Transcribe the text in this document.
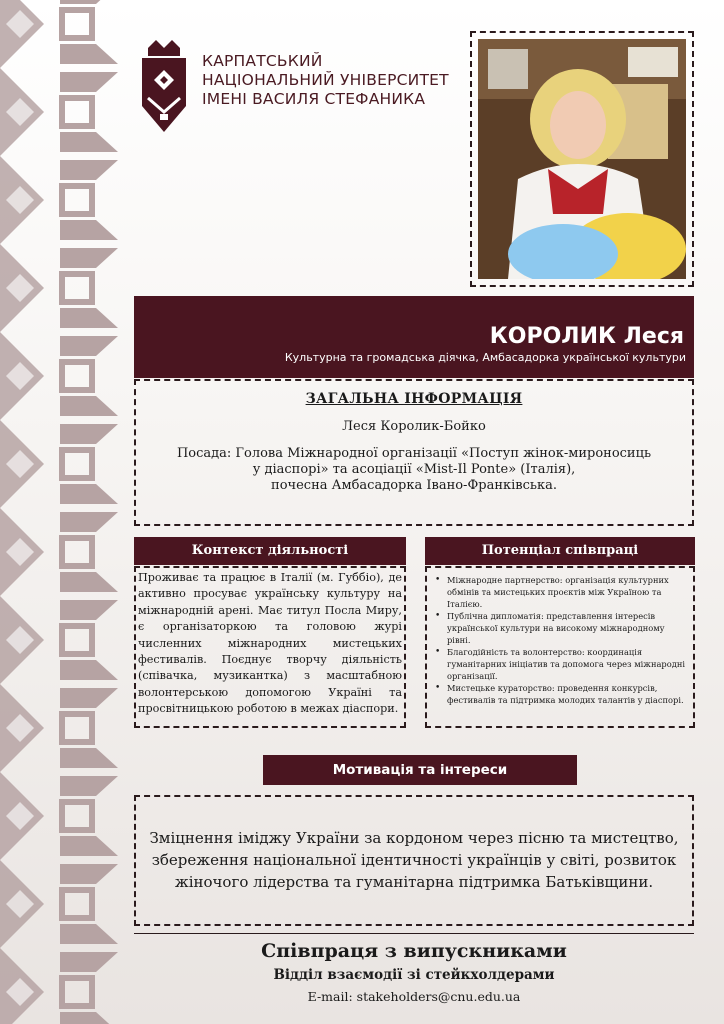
КАРПАТСЬКИЙ
НАЦІОНАЛЬНИЙ УНІВЕРСИТЕТ
ІМЕНІ ВАСИЛЯ СТЕФАНИКА
КОРОЛИК Леся
Культурна та громадська діячка, Амбасадорка української культури
ЗАГАЛЬНА ІНФОРМАЦІЯ
Леся Королик-Бойко
Посада: Голова Міжнародної організації «Поступ жінок-мироносиць
у діаспорі» та асоціації «Mist-Il Ponte» (Італія),
почесна Амбасадорка Івано-Франківська.
Контекст діяльності
Проживає та працює в Італії (м. Губбіо), де активно просуває українську культуру на міжнародній арені. Має титул Посла Миру, є організаторкою та головою журі численних міжнародних мистецьких фестивалів. Поєднує творчу діяльність (співачка, музикантка) з масштабною волонтерською допомогою Україні та просвітницькою роботою в межах діаспори.
Потенціал співпраці
• Міжнародне партнерство: організація культурних обмінів та мистецьких проєктів між Україною та Італією.
• Публічна дипломатія: представлення інтересів української культури на високому міжнародному рівні.
• Благодійність та волонтерство: координація гуманітарних ініціатив та допомога через міжнародні організації.
• Мистецьке кураторство: проведення конкурсів, фестивалів та підтримка молодих талантів у діаспорі.
Мотивація та інтереси
Зміцнення іміджу України за кордоном через пісню та мистецтво,
збереження національної ідентичності українців у світі, розвиток
жіночого лідерства та гуманітарна підтримка Батьківщини.
Співпраця з випускниками
Відділ взаємодії зі стейкхолдерами
E-mail: stakeholders@cnu.edu.ua
